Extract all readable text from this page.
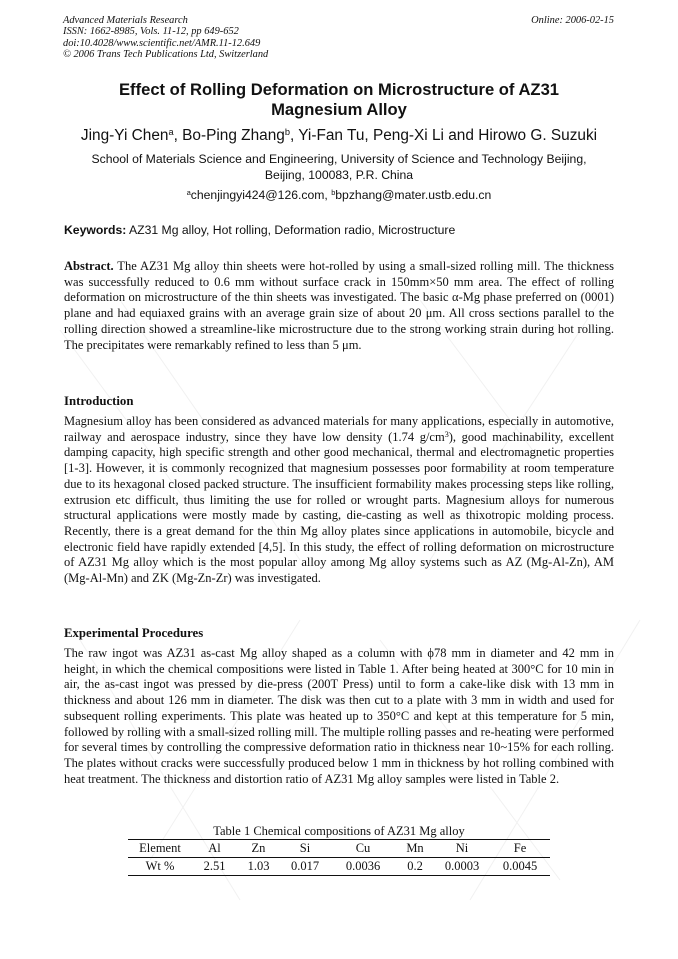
Advanced Materials Research
ISSN: 1662-8985, Vols. 11-12, pp 649-652
doi:10.4028/www.scientific.net/AMR.11-12.649
© 2006 Trans Tech Publications Ltd, Switzerland
Online: 2006-02-15
Effect of Rolling Deformation on Microstructure of AZ31
Magnesium Alloy
Jing-Yi Chen$^a$, Bo-Ping Zhang$^b$, Yi-Fan Tu, Peng-Xi Li and Hirowo G. Suzuki
School of Materials Science and Engineering, University of Science and Technology Beijing,
Beijing, 100083, P.R. China
$^a$chenjingyi424@126.com, $^b$bpzhang@mater.ustb.edu.cn
Keywords: AZ31 Mg alloy, Hot rolling, Deformation radio, Microstructure
Abstract. The AZ31 Mg alloy thin sheets were hot-rolled by using a small-sized rolling mill. The thickness was successfully reduced to 0.6 mm without surface crack in 150mm×50 mm area. The effect of rolling deformation on microstructure of the thin sheets was investigated. The basic α-Mg phase preferred on (0001) plane and had equiaxed grains with an average grain size of about 20 μm. All cross sections parallel to the rolling direction showed a streamline-like microstructure due to the strong working strain during hot rolling. The precipitates were remarkably refined to less than 5 μm.
Introduction
Magnesium alloy has been considered as advanced materials for many applications, especially in automotive, railway and aerospace industry, since they have low density (1.74 $g/cm^3$), good machinability, excellent damping capacity, high specific strength and other good mechanical, thermal and electromagnetic properties [1-3]. However, it is commonly recognized that magnesium possesses poor formability at room temperature due to its hexagonal closed packed structure. The insufficient formability makes processing steps like rolling, extrusion etc difficult, thus limiting the use for rolled or wrought parts. Magnesium alloys for numerous structural applications were mostly made by casting, die-casting as well as thixotropic molding process. Recently, there is a great demand for the thin Mg alloy plates since applications in automobile, bicycle and electronic field have rapidly extended [4,5]. In this study, the effect of rolling deformation on microstructure of AZ31 Mg alloy which is the most popular alloy among Mg alloy systems such as AZ (Mg-Al-Zn), AM (Mg-Al-Mn) and ZK (Mg-Zn-Zr) was investigated.
Experimental Procedures
The raw ingot was AZ31 as-cast Mg alloy shaped as a column with ϕ78 mm in diameter and 42 mm in height, in which the chemical compositions were listed in Table 1. After being heated at 300°C for 10 min in air, the as-cast ingot was pressed by die-press (200T Press) until to form a cake-like disk with 13 mm in thickness and about 126 mm in diameter. The disk was then cut to a plate with 3 mm in width and used for subsequent rolling experiments. This plate was heated up to 350°C and kept at this temperature for 5 min, followed by rolling with a small-sized rolling mill. The multiple rolling passes and re-heating were performed for several times by controlling the compressive deformation ratio in thickness near 10~15% for each rolling. The plates without cracks were successfully produced below 1 mm in thickness by hot rolling combined with heat treatment. The thickness and distortion ratio of AZ31 Mg alloy samples were listed in Table 2.
Table 1 Chemical compositions of AZ31 Mg alloy
Element	Al	Zn	Si	Cu	Mn	Ni	Fe
Wt %	2.51	1.03	0.017	0.0036	0.2	0.0003	0.0045
